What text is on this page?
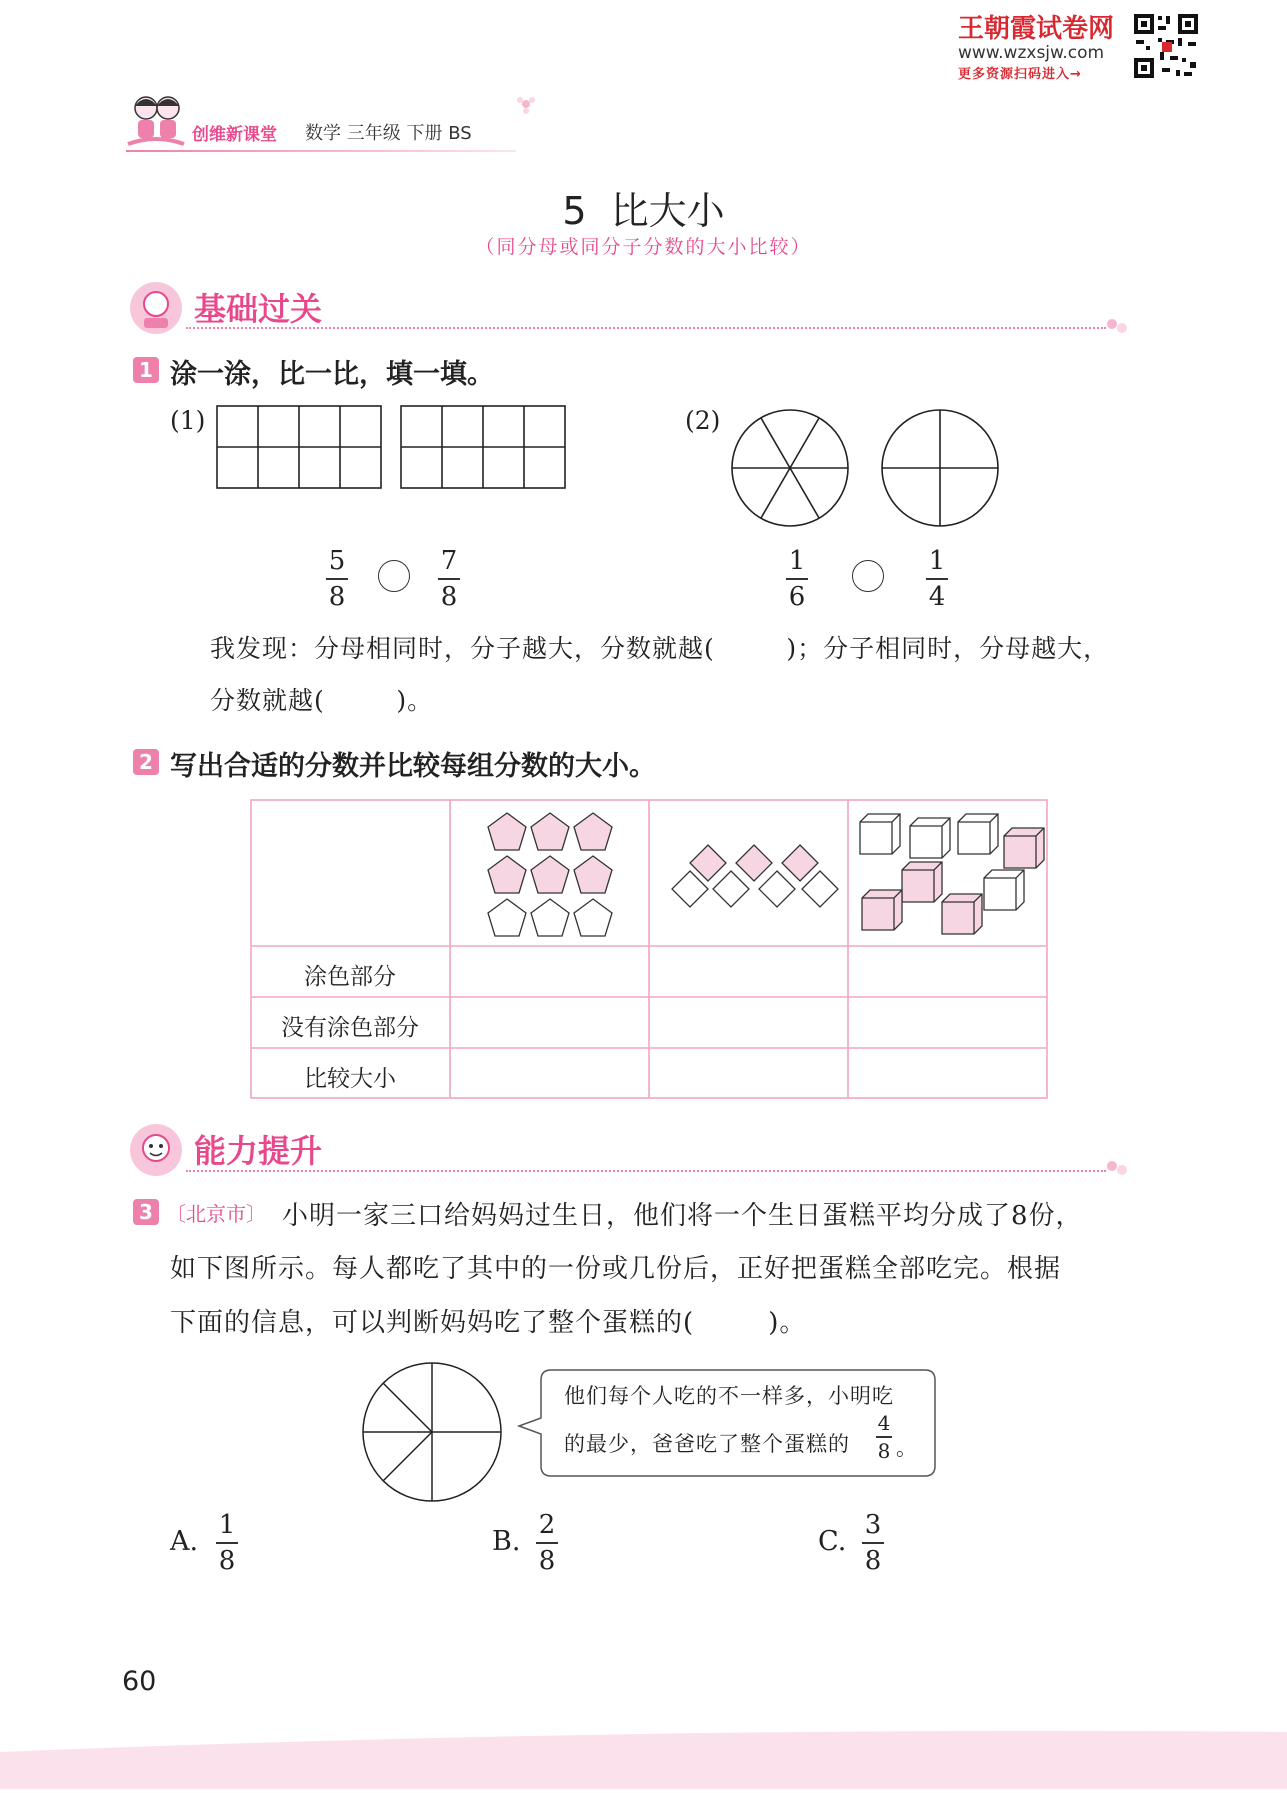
王朝霞试卷网
www.wzxsjw.com
更多资源扫码进入→
创维新课堂 数学 三年级 下册 BS
5  比大小
（同分母或同分子分数的大小比较）
基础过关
1 涂一涂，比一比，填一填。
(1)	(2)
5
8
7
8
1
6
1
4
我发现：分母相同时，分子越大，分数就越(        )；分子相同时，分母越大，
分数就越(        )。
2 写出合适的分数并比较每组分数的大小。
涂色部分
没有涂色部分
比较大小
能力提升
3 〔北京市〕 小明一家三口给妈妈过生日，他们将一个生日蛋糕平均分成了8份，
如下图所示。每人都吃了其中的一份或几份后，正好把蛋糕全部吃完。根据
下面的信息，可以判断妈妈吃了整个蛋糕的(        )。
他们每个人吃的不一样多，小明吃
的最少，爸爸吃了整个蛋糕的
4
8 。
A.
1
8
B.
2
8
C.
3
8
60
